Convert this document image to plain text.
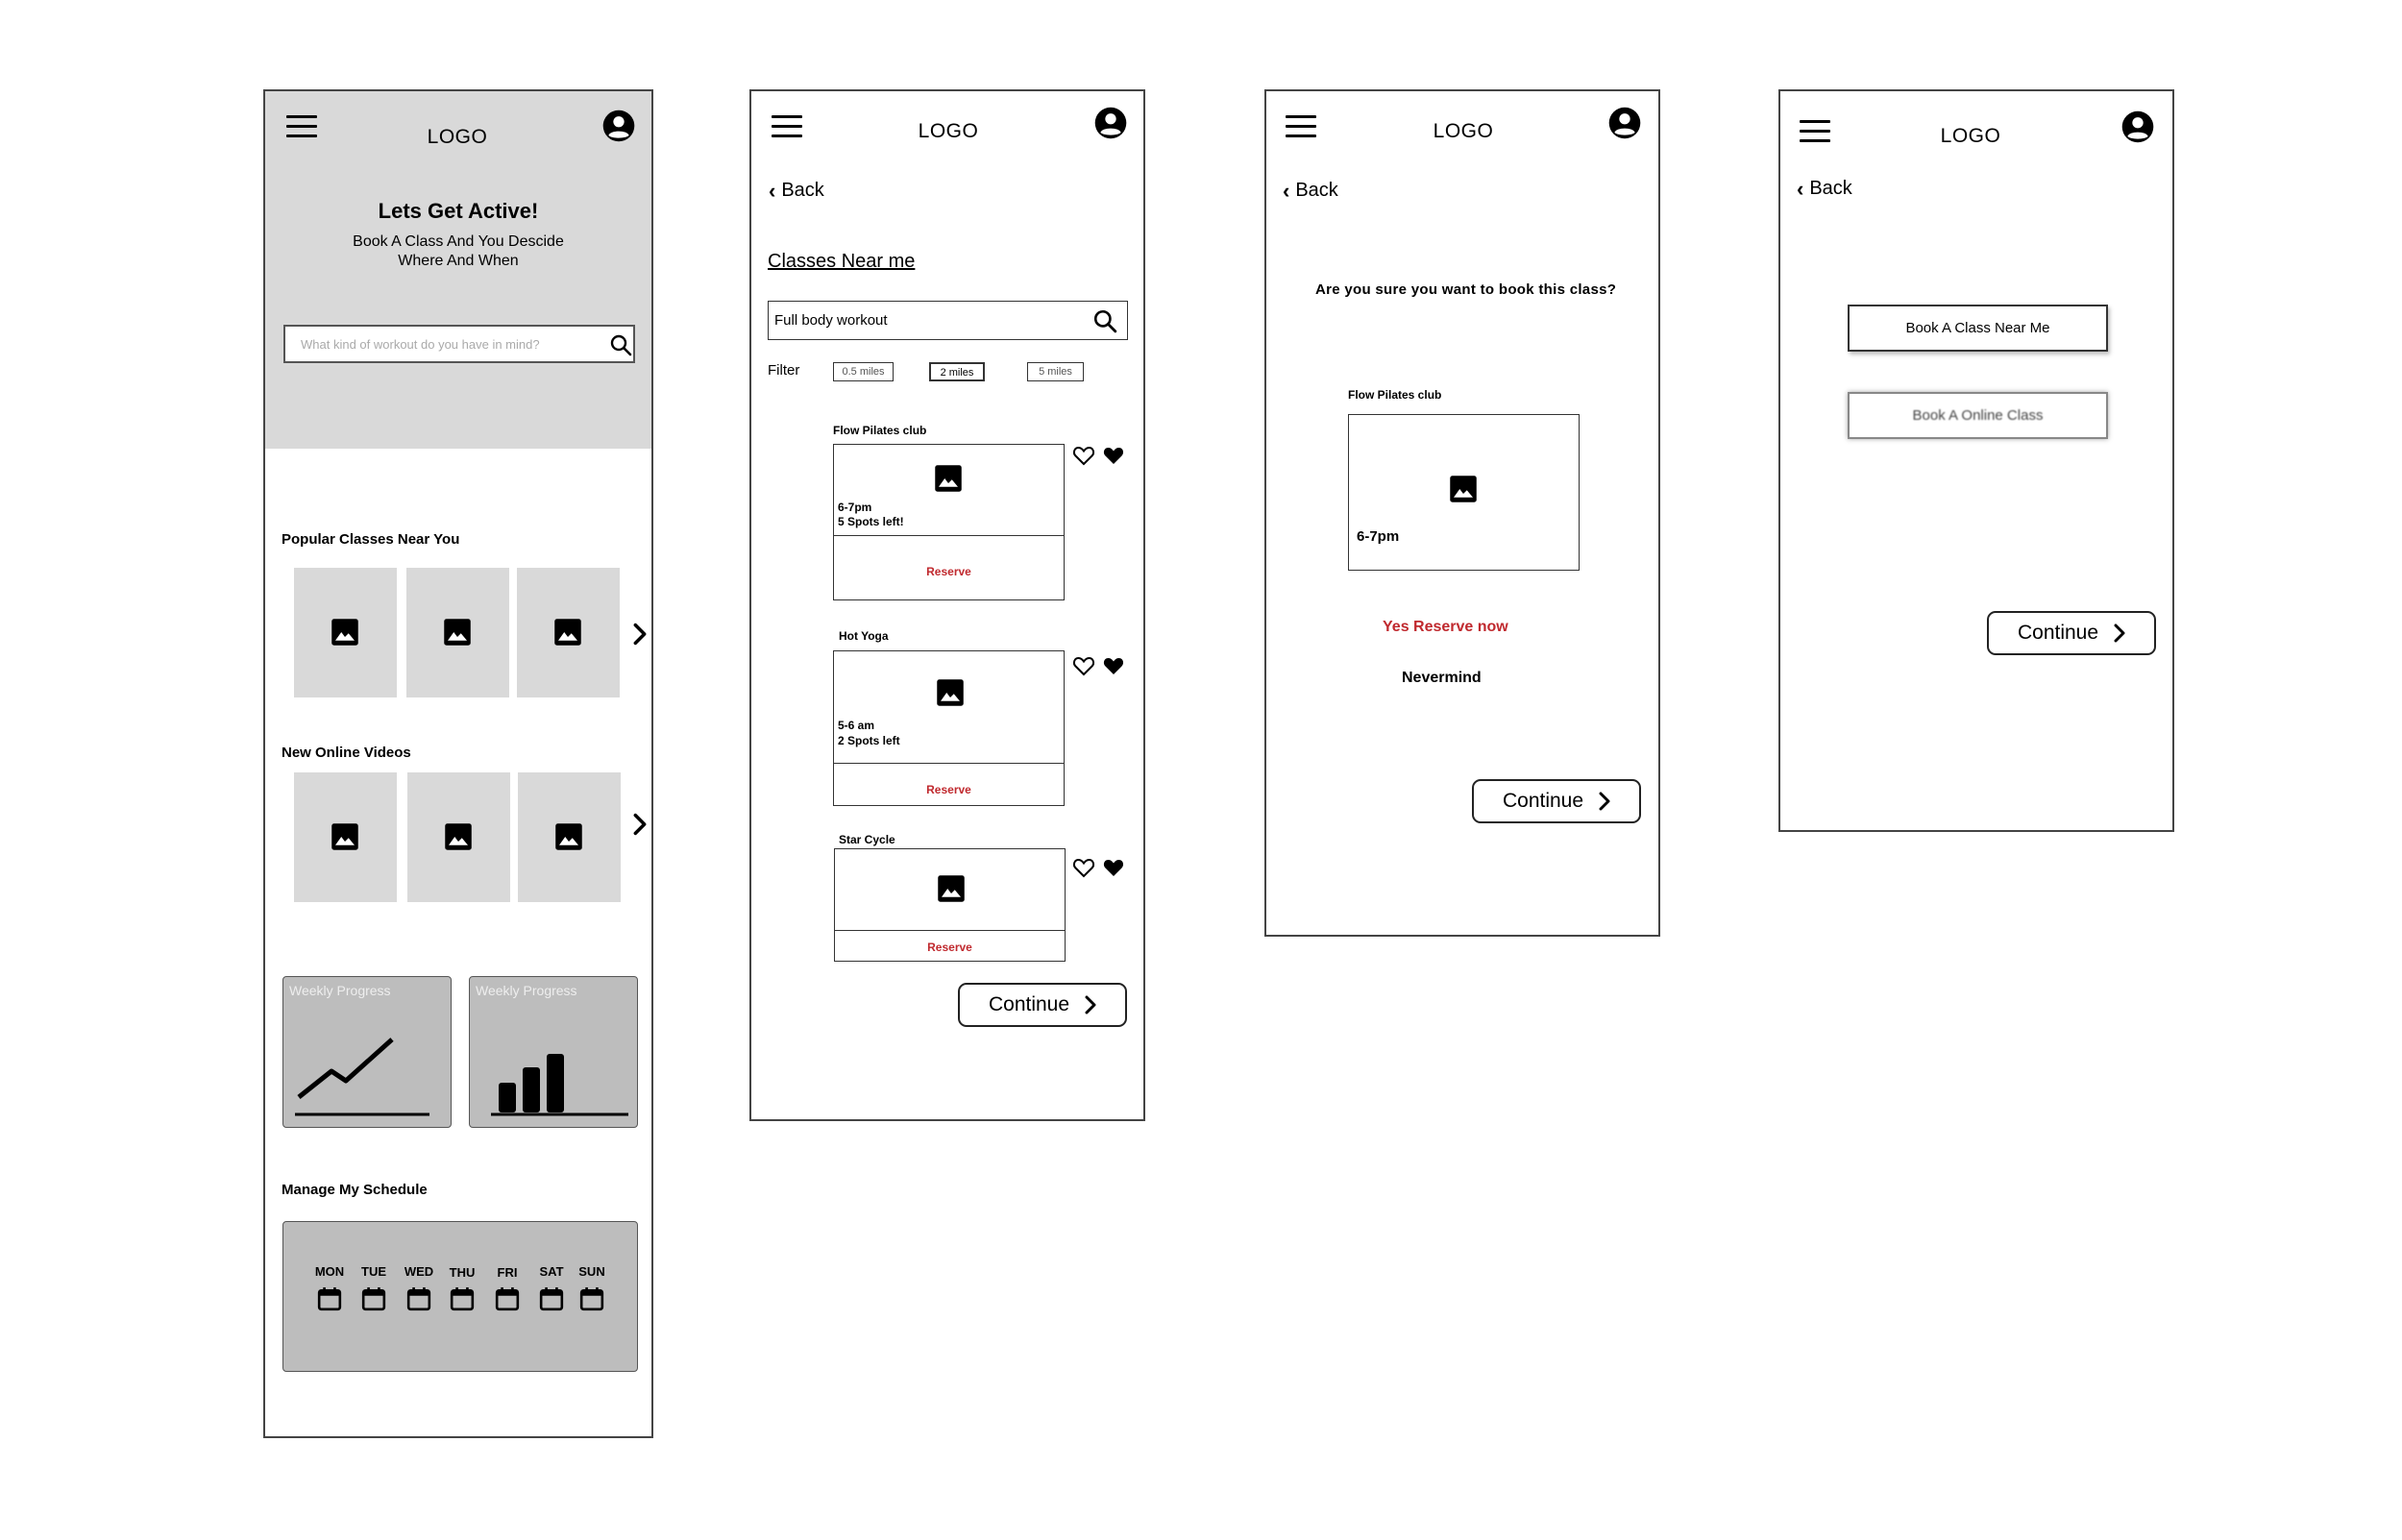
LOGO
Lets Get Active!
Book A Class And You Descide
Where And When
What kind of workout do you have in mind?
Popular Classes Near You
New Online Videos
Weekly Progress	Weekly Progress
Manage My Schedule
MON	TUE	WED	THU	FRI	SAT	SUN
LOGO
‹ Back
Classes Near me
Full body workout
Filter	0.5 miles	2 miles	5 miles
Flow Pilates club
6-7pm
5 Spots left!
Reserve
Hot Yoga
5-6 am
2 Spots left
Reserve
Star Cycle
Reserve
Continue
LOGO
‹ Back
Are you sure you want to book this class?
Flow Pilates club
6-7pm
Yes Reserve now
Nevermind
Continue
LOGO
‹ Back
Book A Class Near Me
Book A Online Class
Continue
